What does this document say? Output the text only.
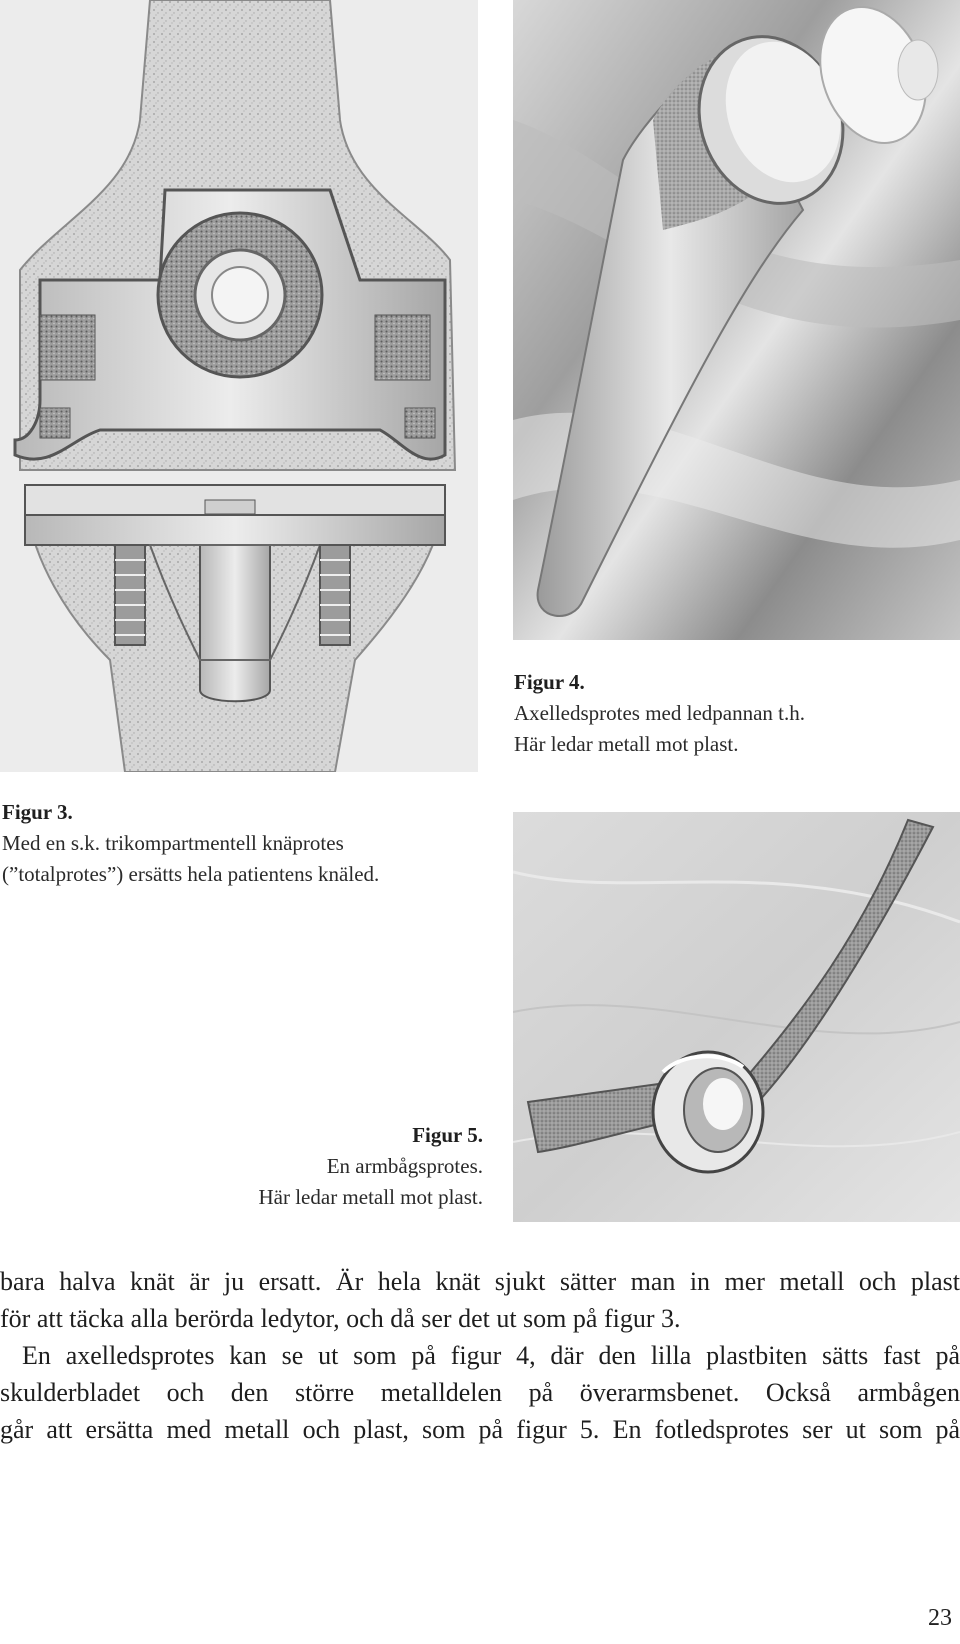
Figur 3.
Med en s.k. trikompartmentell knäprotes
(”totalprotes”) ersätts hela patientens knäled.
Figur 4.
Axelledsprotes med ledpannan t.h.
Här ledar metall mot plast.
Figur 5.
En armbågsprotes.
Här ledar metall mot plast.
bara halva knät är ju ersatt. Är hela knät sjukt sätter man in mer metall och plast
för att täcka alla berörda ledytor, och då ser det ut som på figur 3.
En axelledsprotes kan se ut som på figur 4, där den lilla plastbiten sätts fast på
skulderbladet och den större metalldelen på överarmsbenet. Också armbågen
går att ersätta med metall och plast, som på figur 5. En fotledsprotes ser ut som på
23
